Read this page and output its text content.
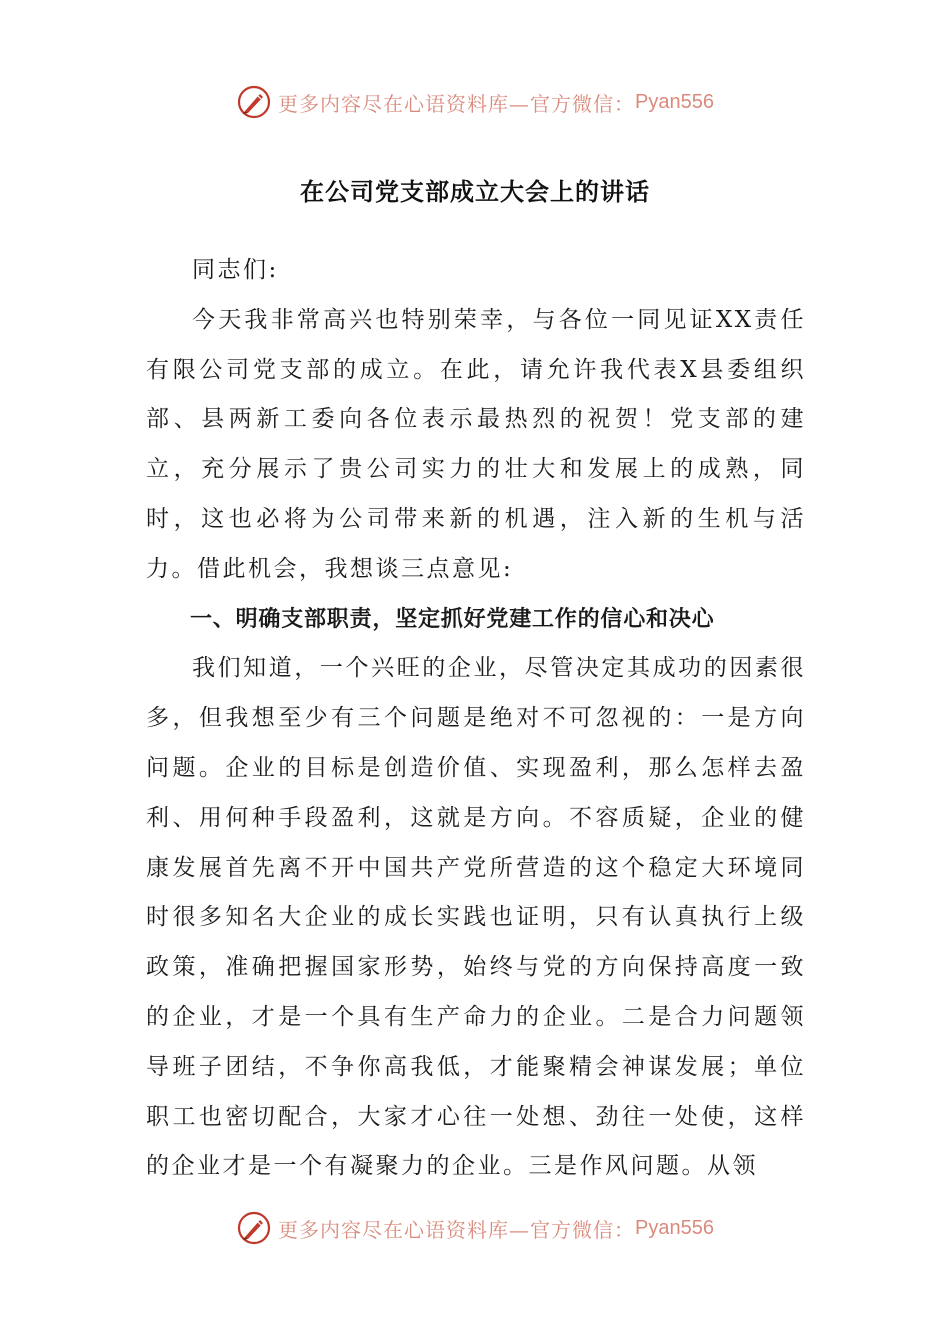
更多内容尽在心语资料库—官方微信： Pyan556
在公司党支部成立大会上的讲话

同志们:

今天我非常高兴也特别荣幸，与各位一同见证XX责任有限公司党支部的成立。在此，请允许我代表X县委组织部、县两新工委向各位表示最热烈的祝贺！党支部的建立，充分展示了贵公司实力的壮大和发展上的成熟，同时，这也必将为公司带来新的机遇，注入新的生机与活力。借此机会，我想谈三点意见:

一、明确支部职责，坚定抓好党建工作的信心和决心

我们知道，一个兴旺的企业，尽管决定其成功的因素很多，但我想至少有三个问题是绝对不可忽视的：一是方向问题。企业的目标是创造价值、实现盈利，那么怎样去盈利、用何种手段盈利，这就是方向。不容质疑，企业的健康发展首先离不开中国共产党所营造的这个稳定大环境同时很多知名大企业的成长实践也证明，只有认真执行上级政策，准确把握国家形势，始终与党的方向保持高度一致的企业，才是一个具有生产命力的企业。二是合力问题领导班子团结，不争你高我低，才能聚精会神谋发展；单位职工也密切配合，大家才心往一处想、劲往一处使，这样的企业才是一个有凝聚力的企业。三是作风问题。从领

更多内容尽在心语资料库—官方微信： Pyan556
